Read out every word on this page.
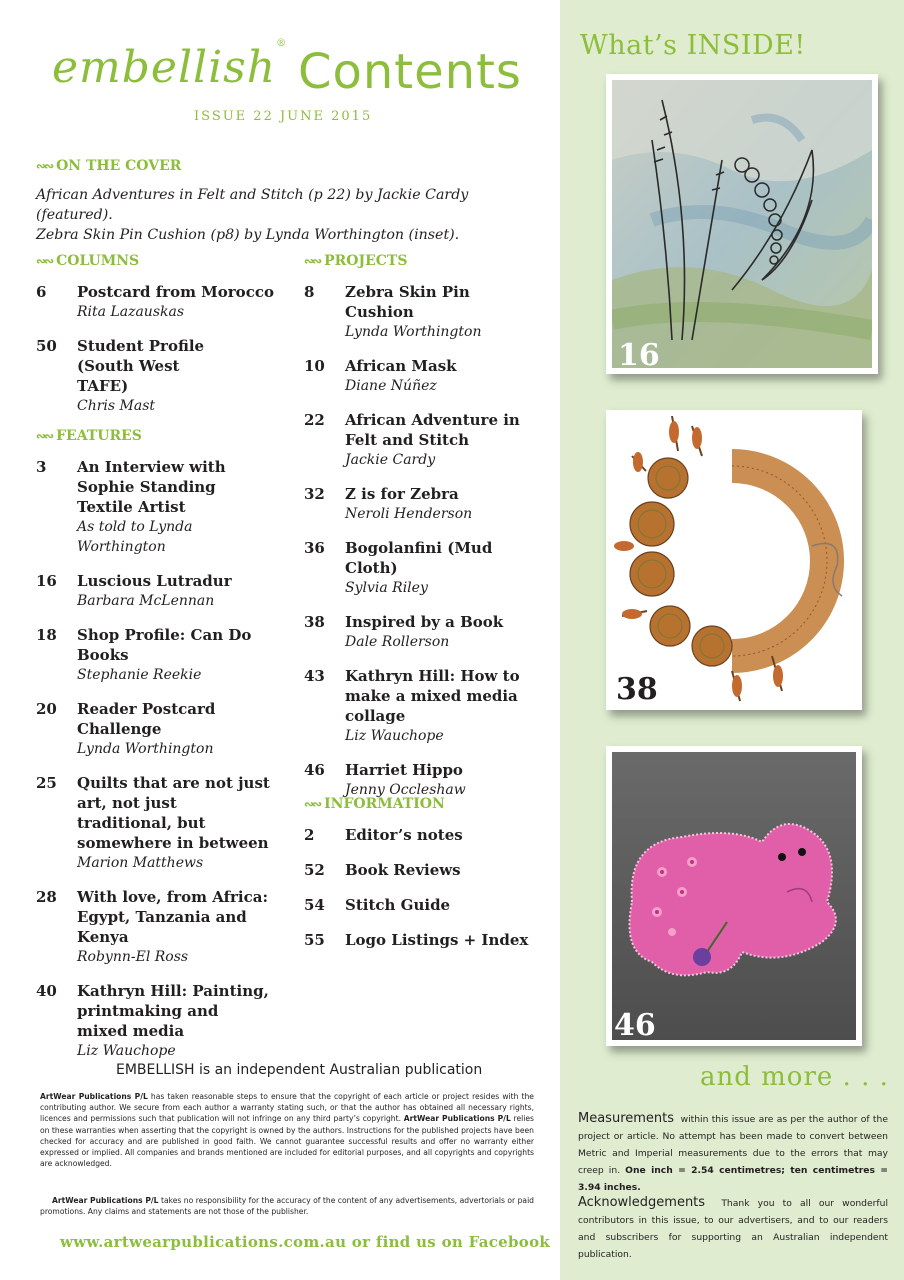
What’s INSIDE!
16
38
46
and more . . .
Measurements within this issue are as per the author of the project or article. No attempt has been made to convert between Metric and Imperial measurements due to the errors that may creep in. One inch = 2.54 centimetres; ten centimetres = 3.94 inches.
Acknowledgements Thank you to all our wonderful contributors in this issue, to our advertisers, and to our readers and subscribers for supporting an Australian independent publication.
embellish®
Contents
ISSUE 22 JUNE 2015
∾∾ ON THE COVER
African Adventures in Felt and Stitch (p 22) by Jackie Cardy (featured).
Zebra Skin Pin Cushion (p8) by Lynda Worthington (inset).
∾∾ COLUMNS
6	Postcard from Morocco
Rita Lazauskas
50	Student Profile (South West TAFE)
Chris Mast
∾∾ FEATURES
3	An Interview with Sophie Standing Textile Artist
As told to Lynda Worthington
16	Luscious Lutradur
Barbara McLennan
18	Shop Profile: Can Do Books
Stephanie Reekie
20	Reader Postcard Challenge
Lynda Worthington
25	Quilts that are not just art, not just traditional, but somewhere in between
Marion Matthews
28	With love, from Africa: Egypt, Tanzania and Kenya
Robynn-El Ross
40	Kathryn Hill: Painting, printmaking and mixed media
Liz Wauchope
∾∾ PROJECTS
8	Zebra Skin Pin Cushion
Lynda Worthington
10	African Mask
Diane Núñez
22	African Adventure in Felt and Stitch
Jackie Cardy
32	Z is for Zebra
Neroli Henderson
36	Bogolanfini (Mud Cloth)
Sylvia Riley
38	Inspired by a Book
Dale Rollerson
43	Kathryn Hill: How to make a mixed media collage
Liz Wauchope
46	Harriet Hippo
Jenny Occleshaw
∾∾ INFORMATION
2	Editor’s notes
52	Book Reviews
54	Stitch Guide
55	Logo Listings + Index
EMBELLISH is an independent Australian publication
ArtWear Publications P/L has taken reasonable steps to ensure that the copyright of each article or project resides with the contributing author. We secure from each author a warranty stating such, or that the author has obtained all necessary rights, licences and permissions such that publication will not infringe on any third party’s copyright. ArtWear Publications P/L relies on these warranties when asserting that the copyright is owned by the authors. Instructions for the published projects have been checked for accuracy and are published in good faith. We cannot guarantee successful results and offer no warranty either expressed or implied. All companies and brands mentioned are included for editorial purposes, and all copyrights and copyrights are acknowledged.
ArtWear Publications P/L takes no responsibility for the accuracy of the content of any advertisements, advertorials or paid promotions. Any claims and statements are not those of the publisher.
www.artwearpublications.com.au or find us on Facebook
